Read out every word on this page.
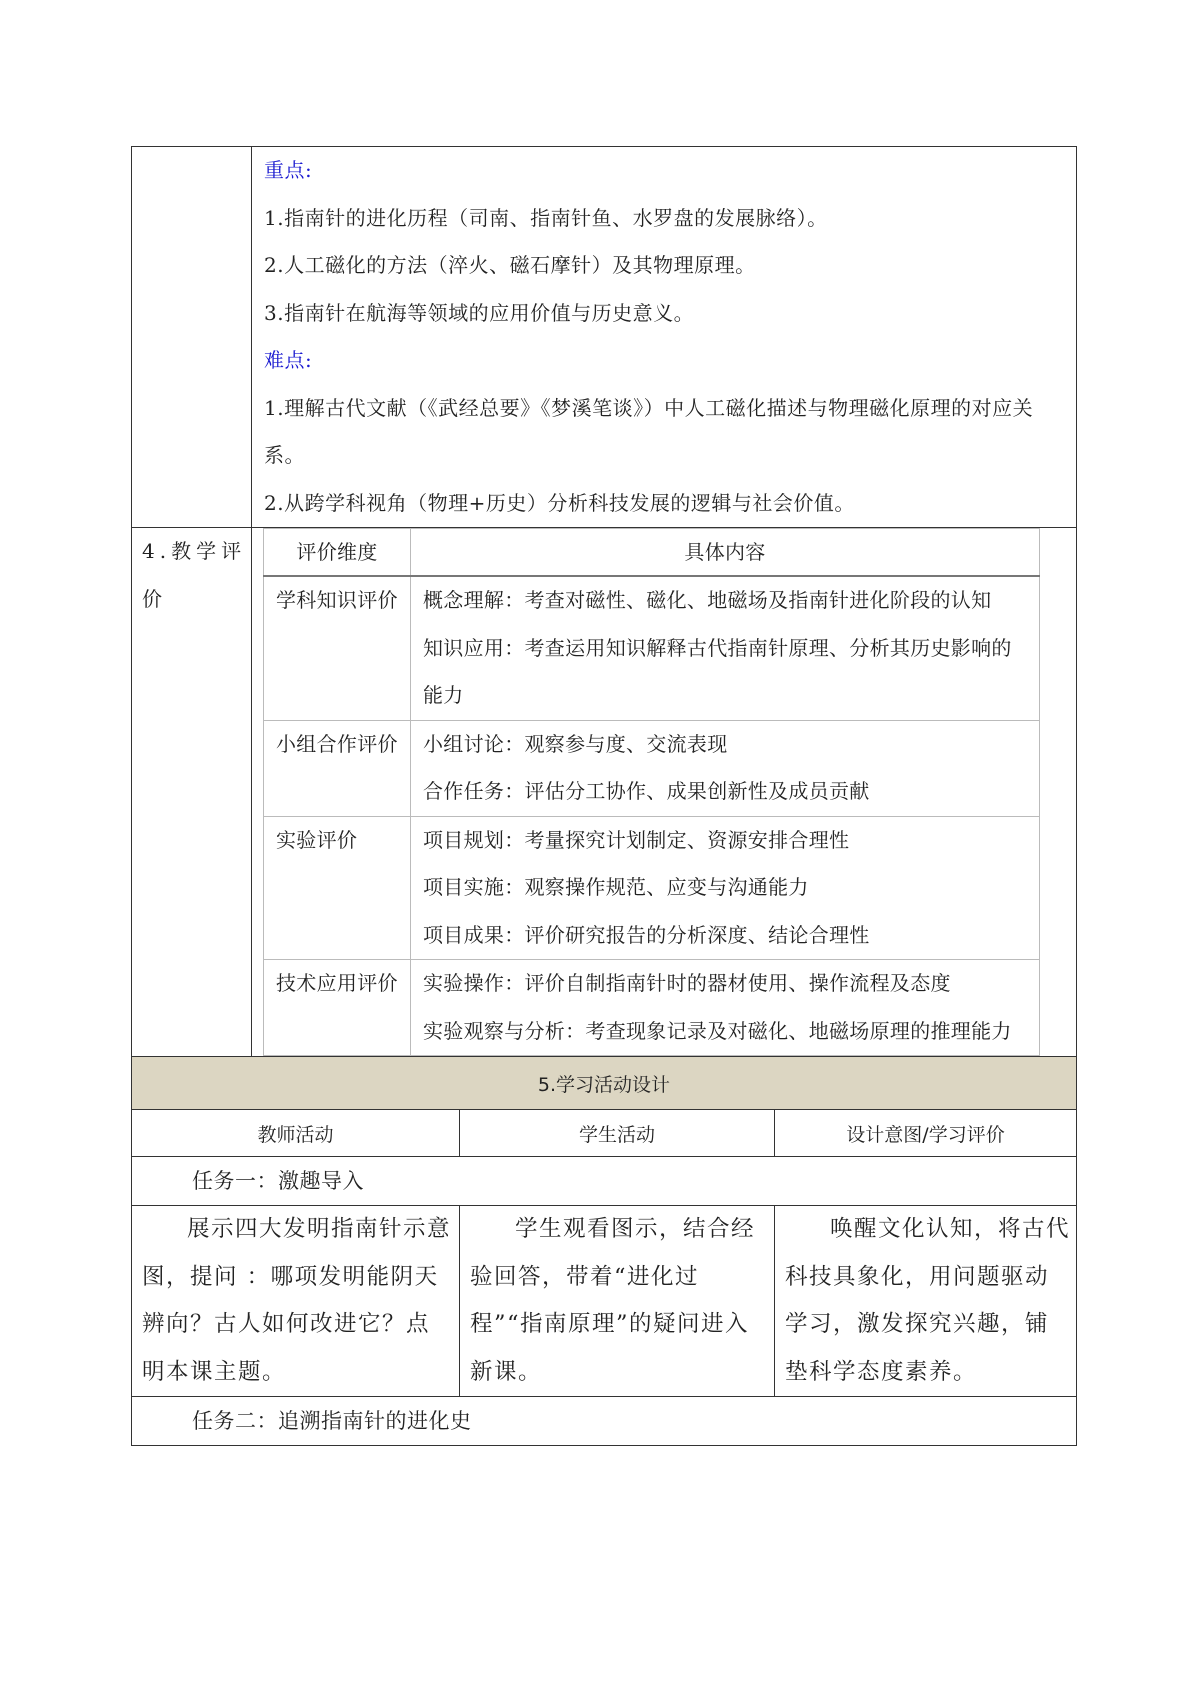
重点:
1.指南针的进化历程（司南、指南针鱼、水罗盘的发展脉络）。
2.人工磁化的方法（淬火、磁石摩针）及其物理原理。
3.指南针在航海等领域的应用价值与历史意义。
难点:
1.理解古代文献（《武经总要》《梦溪笔谈》）中人工磁化描述与物理磁化原理的对应关系。
2.从跨学科视角（物理+历史）分析科技发展的逻辑与社会价值。

4.教学评价	
评价维度	具体内容
学科知识评价	概念理解：考查对磁性、磁化、地磁场及指南针进化阶段的认知
知识应用：考查运用知识解释古代指南针原理、分析其历史影响的能力

小组合作评价	小组讨论：观察参与度、交流表现
合作任务：评估分工协作、成果创新性及成员贡献

实验评价	项目规划：考量探究计划制定、资源安排合理性
项目实施：观察操作规范、应变与沟通能力
项目成果：评价研究报告的分析深度、结论合理性

技术应用评价	实验操作：评价自制指南针时的器材使用、操作流程及态度
实验观察与分析：考查现象记录及对磁化、地磁场原理的推理能力

5.学习活动设计
教师活动	学生活动	设计意图/学习评价
任务一：激趣导入
展示四大发明指南针示意图，提问 ：哪项发明能阴天辨向？古人如何改进它？点明本课主题。	学生观看图示，结合经验回答，带着“进化过程”“指南原理”的疑问进入新课。	唤醒文化认知，将古代科技具象化，用问题驱动学习，激发探究兴趣，铺垫科学态度素养。
任务二：追溯指南针的进化史
